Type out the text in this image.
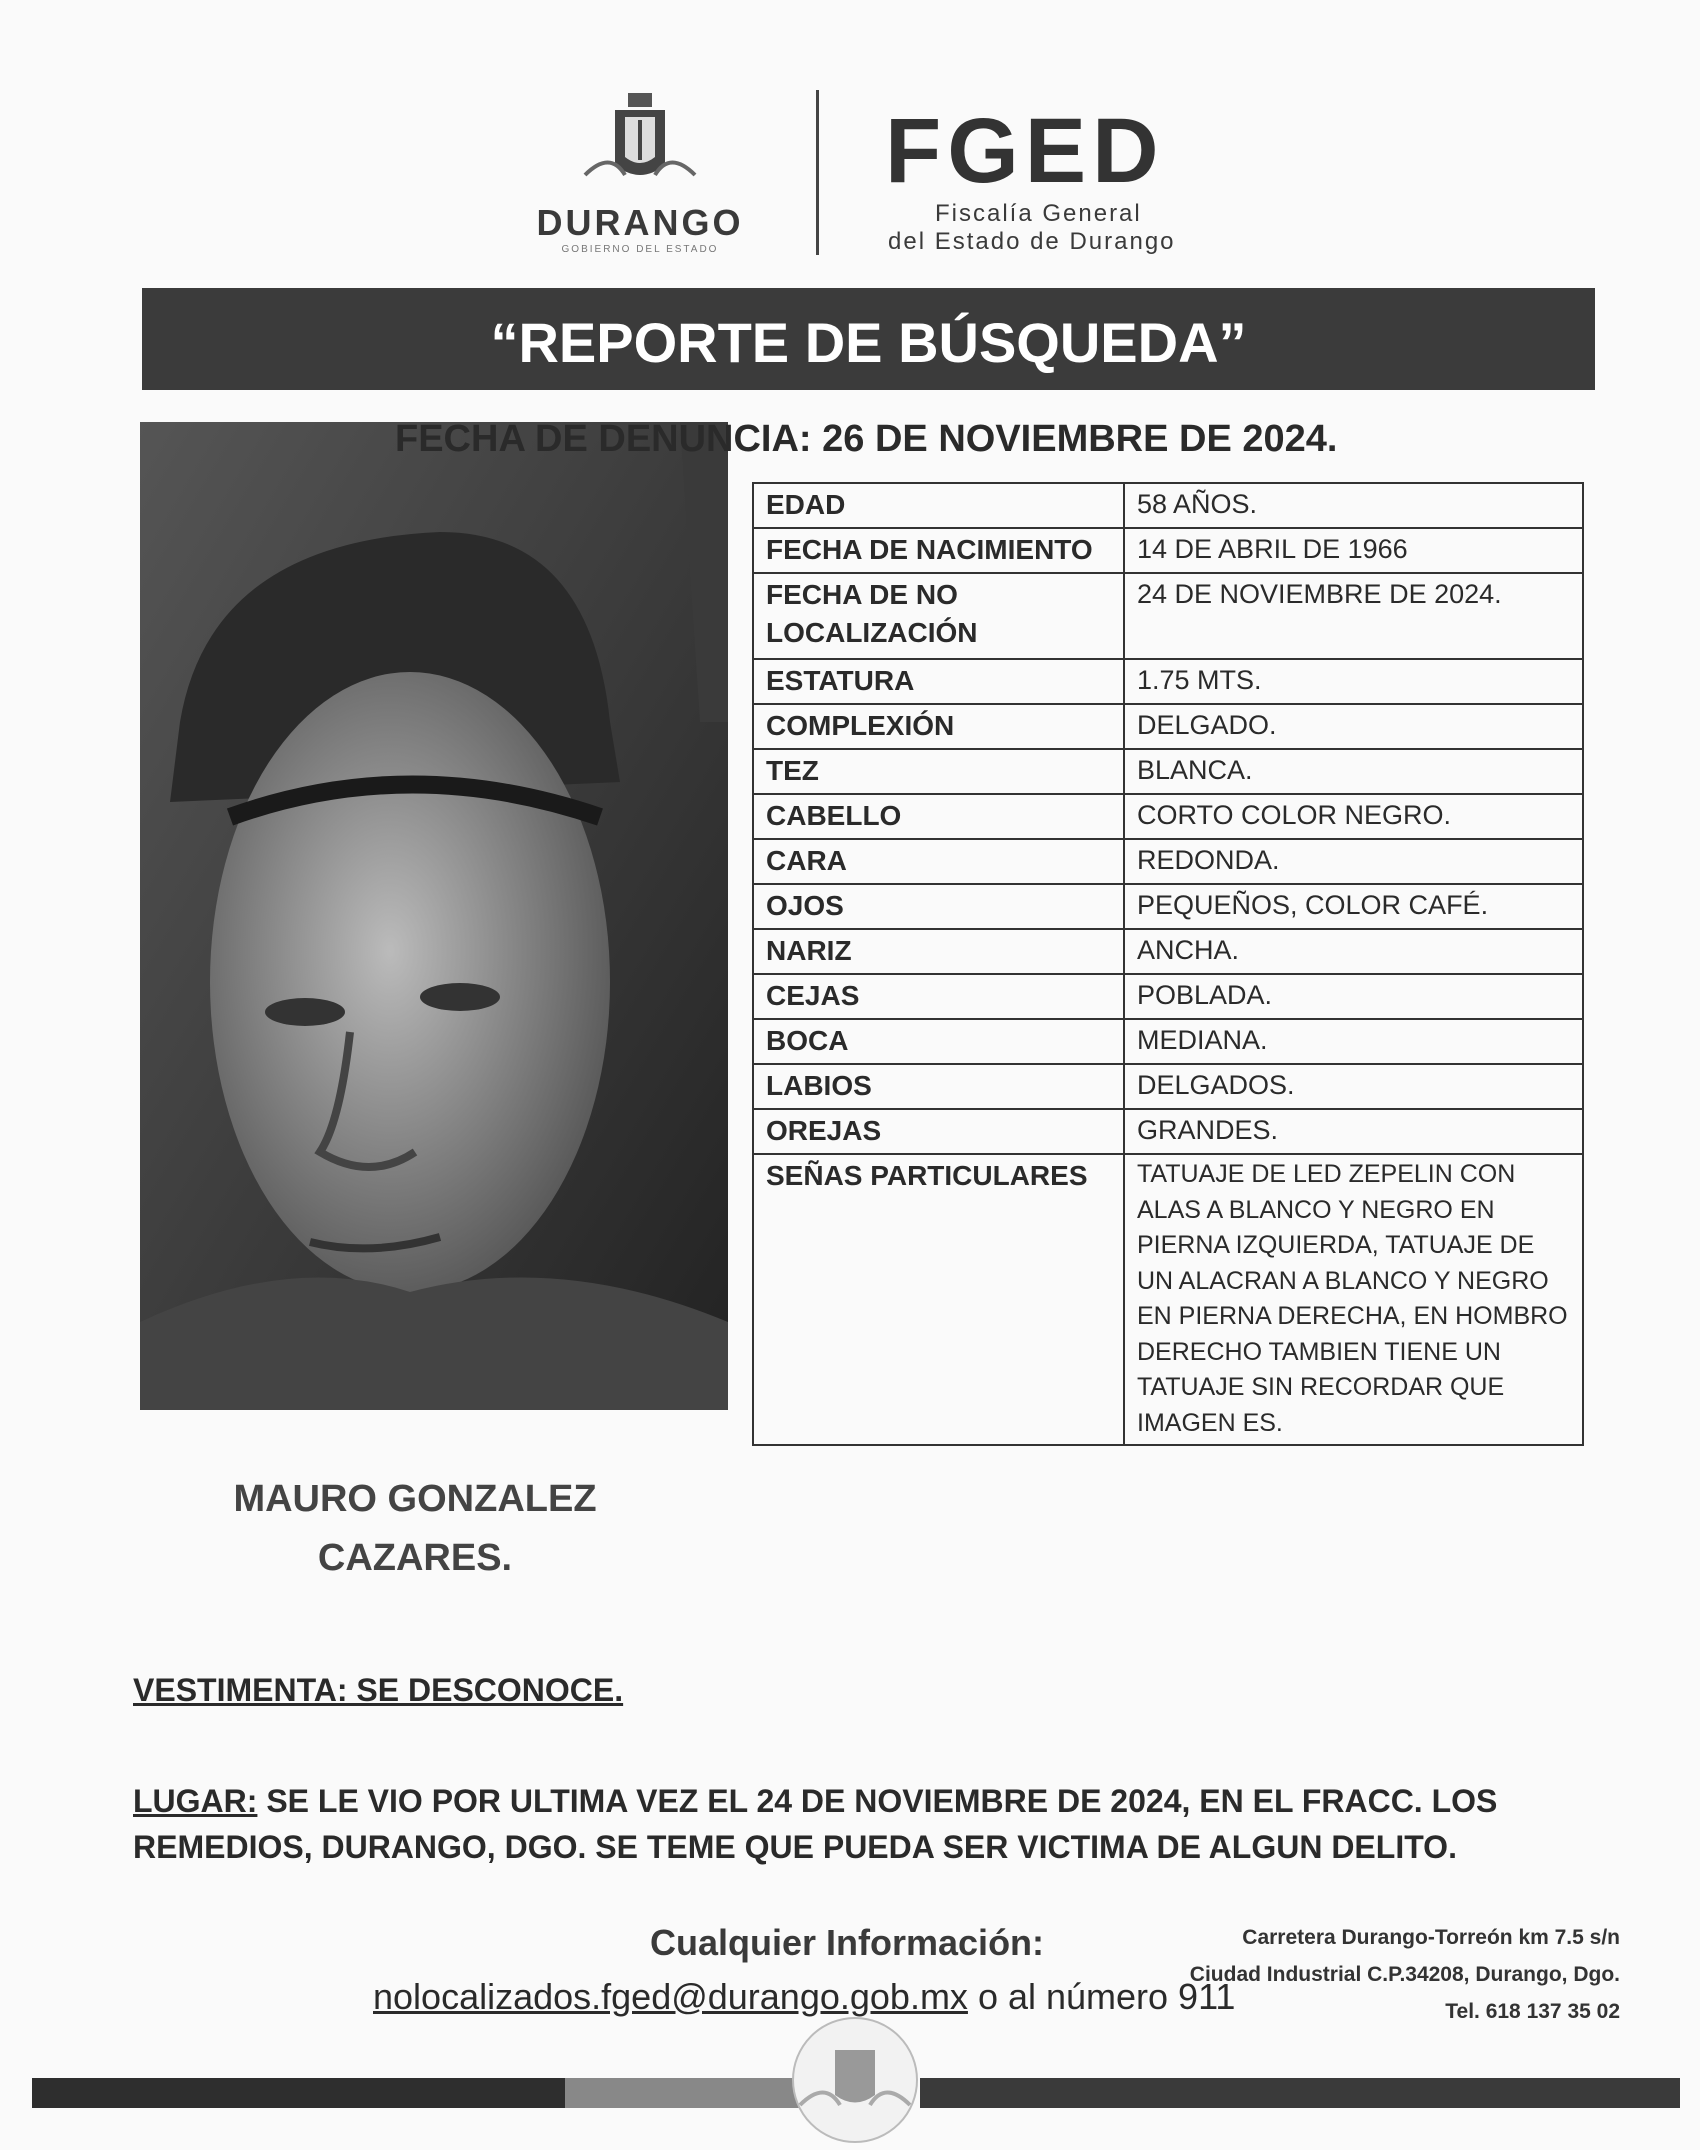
DURANGO
GOBIERNO DEL ESTADO
FGED
Fiscalía General
del Estado de Durango
“REPORTE DE BÚSQUEDA”
FECHA DE DENUNCIA: 26 DE NOVIEMBRE DE 2024.
EDAD	58 AÑOS.
FECHA DE NACIMIENTO	14 DE ABRIL DE 1966
FECHA DE NO LOCALIZACIÓN	24 DE NOVIEMBRE DE 2024.
ESTATURA	1.75 MTS.
COMPLEXIÓN	DELGADO.
TEZ	BLANCA.
CABELLO	CORTO COLOR NEGRO.
CARA	REDONDA.
OJOS	PEQUEÑOS, COLOR CAFÉ.
NARIZ	ANCHA.
CEJAS	POBLADA.
BOCA	MEDIANA.
LABIOS	DELGADOS.
OREJAS	GRANDES.
SEÑAS PARTICULARES	TATUAJE DE LED ZEPELIN CON ALAS A BLANCO Y NEGRO EN PIERNA IZQUIERDA, TATUAJE DE UN ALACRAN A BLANCO Y NEGRO EN PIERNA DERECHA, EN HOMBRO DERECHO TAMBIEN TIENE UN TATUAJE SIN RECORDAR QUE IMAGEN ES.
MAURO GONZALEZ
CAZARES.
VESTIMENTA: SE DESCONOCE.
LUGAR: SE LE VIO POR ULTIMA VEZ EL 24 DE NOVIEMBRE DE 2024, EN EL FRACC. LOS REMEDIOS, DURANGO, DGO. SE TEME QUE PUEDA SER VICTIMA DE ALGUN DELITO.
Cualquier Información:
nolocalizados.fged@durango.gob.mx o al número 911
Carretera Durango-Torreón km 7.5 s/n
Ciudad Industrial C.P.34208, Durango, Dgo.
Tel. 618 137 35 02
